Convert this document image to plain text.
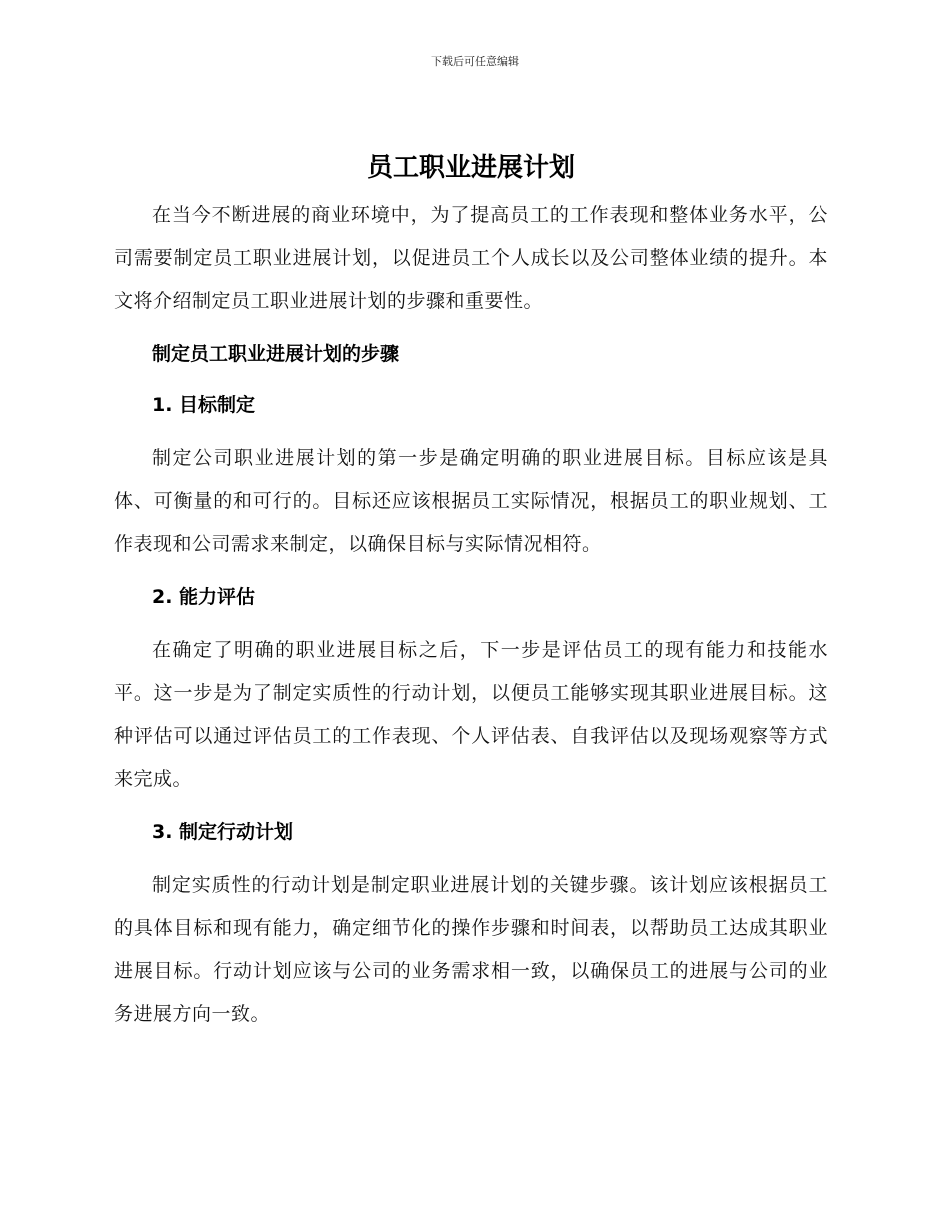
下载后可任意编辑
员工职业进展计划

在当今不断进展的商业环境中，为了提高员工的工作表现和整体业务水平，公司需要制定员工职业进展计划，以促进员工个人成长以及公司整体业绩的提升。本文将介绍制定员工职业进展计划的步骤和重要性。

制定员工职业进展计划的步骤
1. 目标制定

制定公司职业进展计划的第一步是确定明确的职业进展目标。目标应该是具体、可衡量的和可行的。目标还应该根据员工实际情况，根据员工的职业规划、工作表现和公司需求来制定，以确保目标与实际情况相符。

2. 能力评估

在确定了明确的职业进展目标之后，下一步是评估员工的现有能力和技能水平。这一步是为了制定实质性的行动计划，以便员工能够实现其职业进展目标。这种评估可以通过评估员工的工作表现、个人评估表、自我评估以及现场观察等方式来完成。

3. 制定行动计划

制定实质性的行动计划是制定职业进展计划的关键步骤。该计划应该根据员工的具体目标和现有能力，确定细节化的操作步骤和时间表，以帮助员工达成其职业进展目标。行动计划应该与公司的业务需求相一致，以确保员工的进展与公司的业务进展方向一致。
